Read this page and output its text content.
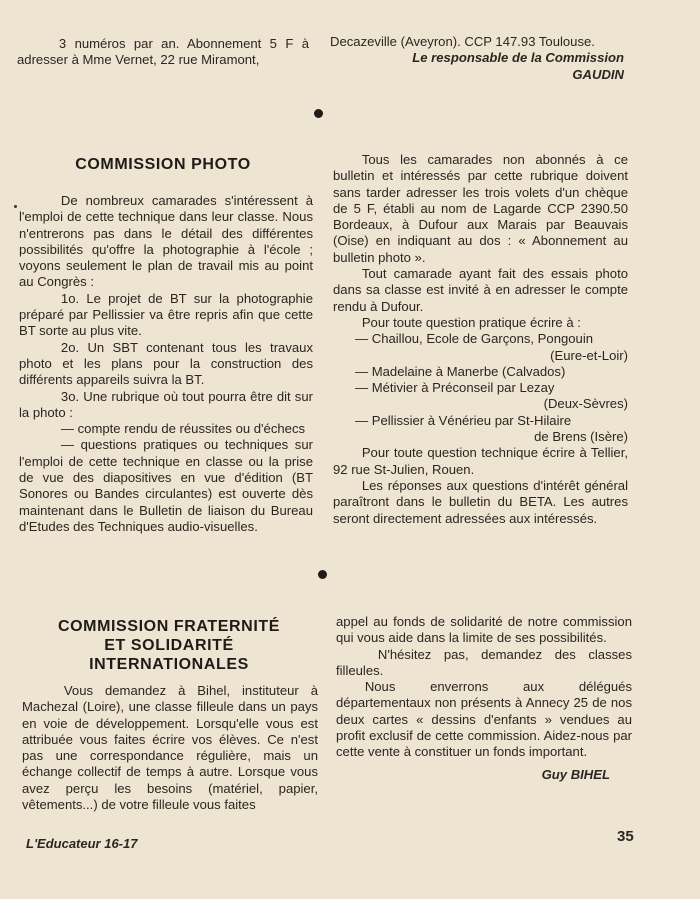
3 numéros par an. Abonnement 5 F à adresser à Mme Vernet, 22 rue Miramont,

Decazeville (Aveyron). CCP 147.93 Toulouse.

Le responsable de la Commission

GAUDIN

COMMISSION PHOTO

De nombreux camarades s'intéressent à l'emploi de cette technique dans leur classe. Nous n'entrerons pas dans le détail des différentes possibilités qu'offre la photographie à l'école ; voyons seulement le plan de travail mis au point au Congrès :

1o. Le projet de BT sur la photographie préparé par Pellissier va être repris afin que cette BT sorte au plus vite.

2o. Un SBT contenant tous les travaux photo et les plans pour la construction des différents appareils suivra la BT.

3o. Une rubrique où tout pourra être dit sur la photo :

— compte rendu de réussites ou d'échecs

— questions pratiques ou techniques sur l'emploi de cette technique en classe ou la prise de vue des diapositives en vue d'édition (BT Sonores ou Bandes circulantes) est ouverte dès maintenant dans le Bulletin de liaison du Bureau d'Etudes des Techniques audio-visuelles.

Tous les camarades non abonnés à ce bulletin et intéressés par cette rubrique doivent sans tarder adresser les trois volets d'un chèque de 5 F, établi au nom de Lagarde CCP 2390.50 Bordeaux, à Dufour aux Marais par Beauvais (Oise) en indiquant au dos : « Abonnement au bulletin photo ».

Tout camarade ayant fait des essais photo dans sa classe est invité à en adresser le compte rendu à Dufour.

Pour toute question pratique écrire à :

— Chaillou, Ecole de Garçons, Pongouin

(Eure-et-Loir)

— Madelaine à Manerbe (Calvados)

— Métivier à Préconseil par Lezay

(Deux-Sèvres)

— Pellissier à Vénérieu par St-Hilaire

de Brens (Isère)

Pour toute question technique écrire à Tellier, 92 rue St-Julien, Rouen.

Les réponses aux questions d'intérêt général paraîtront dans le bulletin du BETA. Les autres seront directement adressées aux intéressés.

COMMISSION FRATERNITÉ
ET SOLIDARITÉ
INTERNATIONALES

Vous demandez à Bihel, instituteur à Machezal (Loire), une classe filleule dans un pays en voie de développement. Lorsqu'elle vous est attribuée vous faites écrire vos élèves. Ce n'est pas une correspondance régulière, mais un échange collectif de temps à autre. Lorsque vous avez perçu les besoins (matériel, papier, vêtements...) de votre filleule vous faites

appel au fonds de solidarité de notre commission qui vous aide dans la limite de ses possibilités.

N'hésitez pas, demandez des classes filleules.

Nous enverrons aux délégués départementaux non présents à Annecy 25 de nos deux cartes « dessins d'enfants » vendues au profit exclusif de cette commission. Aidez-nous par cette vente à constituer un fonds important.

Guy BIHEL

L'Educateur 16-17	35
